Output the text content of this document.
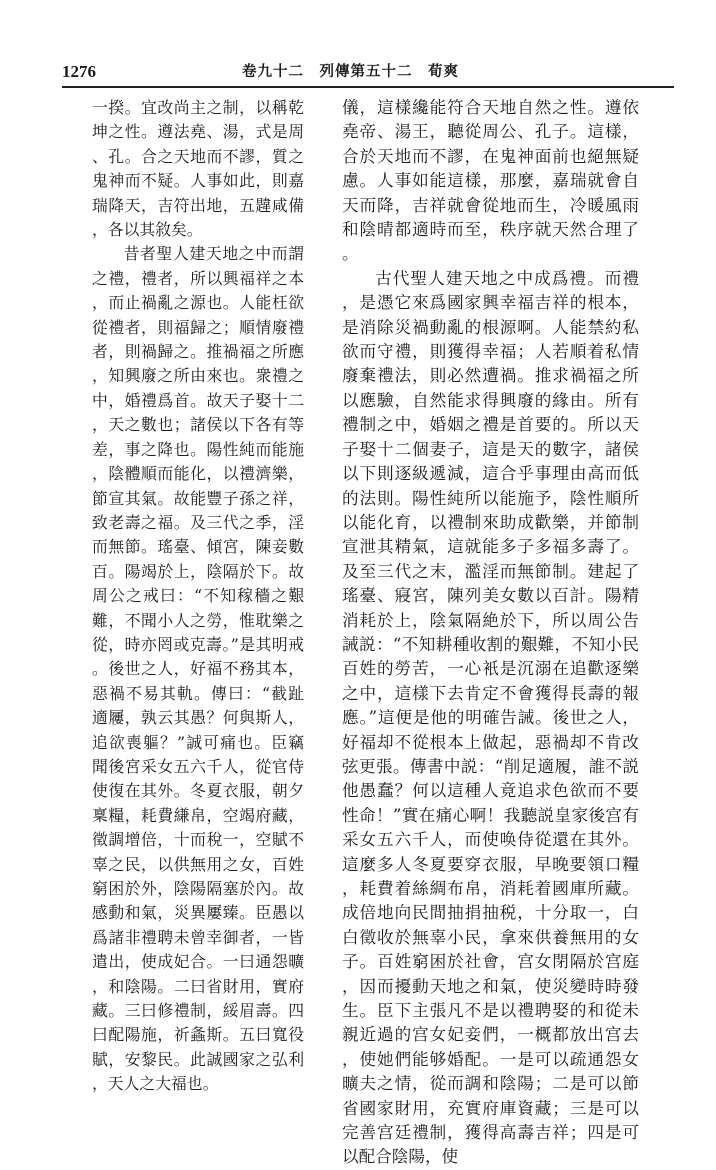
1276	卷九十二　列傳第五十二　荀爽

一揆。宜改尚主之制，以稱乾坤之性。遵法堯、湯，式是周、孔。合之天地而不謬，質之鬼神而不疑。人事如此，則嘉瑞降天，吉符出地，五韙咸備，各以其敘矣。

昔者聖人建天地之中而謂之禮，禮者，所以興福祥之本，而止禍亂之源也。人能枉欲從禮者，則福歸之；順情廢禮者，則禍歸之。推禍福之所應，知興廢之所由來也。衆禮之中，婚禮爲首。故天子娶十二，天之數也；諸侯以下各有等差，事之降也。陽性純而能施，陰體順而能化，以禮濟樂，節宣其氣。故能豐子孫之祥，致老壽之福。及三代之季，淫而無節。瑤臺、傾宮，陳妾數百。陽竭於上，陰隔於下。故周公之戒曰：“不知稼穡之艱難，不聞小人之勞，惟耽樂之從，時亦罔或克壽。”是其明戒。後世之人，好福不務其本，惡禍不易其軌。傳曰：“截趾適屨，孰云其愚？何與斯人，追欲喪軀？”誠可痛也。臣竊聞後宮采女五六千人，從官侍使復在其外。冬夏衣服，朝夕稟糧，耗費縑帛，空竭府藏，徵調增倍，十而稅一，空賦不辜之民，以供無用之女，百姓窮困於外，陰陽隔塞於內。故感動和氣，災異屢臻。臣愚以爲諸非禮聘未曾幸御者，一皆遣出，使成妃合。一曰通怨曠，和陰陽。二曰省財用，實府藏。三曰修禮制，綏眉壽。四曰配陽施，祈螽斯。五曰寬役賦，安黎民。此誠國家之弘利，天人之大福也。

儀，這樣纔能符合天地自然之性。遵依堯帝、湯王，聽從周公、孔子。這樣，合於天地而不謬，在鬼神面前也絕無疑慮。人事如能這樣，那麼，嘉瑞就會自天而降，吉祥就會從地而生，冷暖風雨和陰晴都適時而至，秩序就天然合理了。

古代聖人建天地之中成爲禮。而禮，是憑它來爲國家興幸福吉祥的根本，是消除災禍動亂的根源啊。人能禁約私欲而守禮，則獲得幸福；人若順着私情廢棄禮法，則必然遭禍。推求禍福之所以應驗，自然能求得興廢的緣由。所有禮制之中，婚姻之禮是首要的。所以天子娶十二個妻子，這是天的數字，諸侯以下則逐級遞減，這合乎事理由高而低的法則。陽性純所以能施予，陰性順所以能化育，以禮制來助成歡樂，并節制宣泄其精氣，這就能多子多福多壽了。及至三代之末，濫淫而無節制。建起了瑤臺、寢宮，陳列美女數以百計。陽精消耗於上，陰氣隔絶於下，所以周公告誡説：“不知耕種收割的艱難，不知小民百姓的勞苦，一心衹是沉溺在追歡逐樂之中，這樣下去肯定不會獲得長壽的報應。”這便是他的明確告誡。後世之人，好福却不從根本上做起，惡禍却不肯改弦更張。傳書中説：“削足適履，誰不説他愚蠢？何以這種人竟追求色欲而不要性命！”實在痛心啊！我聽説皇家後宫有采女五六千人，而使唤侍從還在其外。這麼多人冬夏要穿衣服，早晚要領口糧，耗費着絲綢布帛，消耗着國庫所藏。成倍地向民間抽捐抽税，十分取一，白白徵收於無辜小民，拿來供養無用的女子。百姓窮困於社會，宫女閉隔於宫庭，因而擾動天地之和氣，使災變時時發生。臣下主張凡不是以禮聘娶的和從未親近過的宫女妃妾們，一概都放出宫去，使她們能够婚配。一是可以疏通怨女曠夫之情，從而調和陰陽；二是可以節省國家財用，充實府庫資藏；三是可以完善宫廷禮制，獲得高壽吉祥；四是可以配合陰陽，使
